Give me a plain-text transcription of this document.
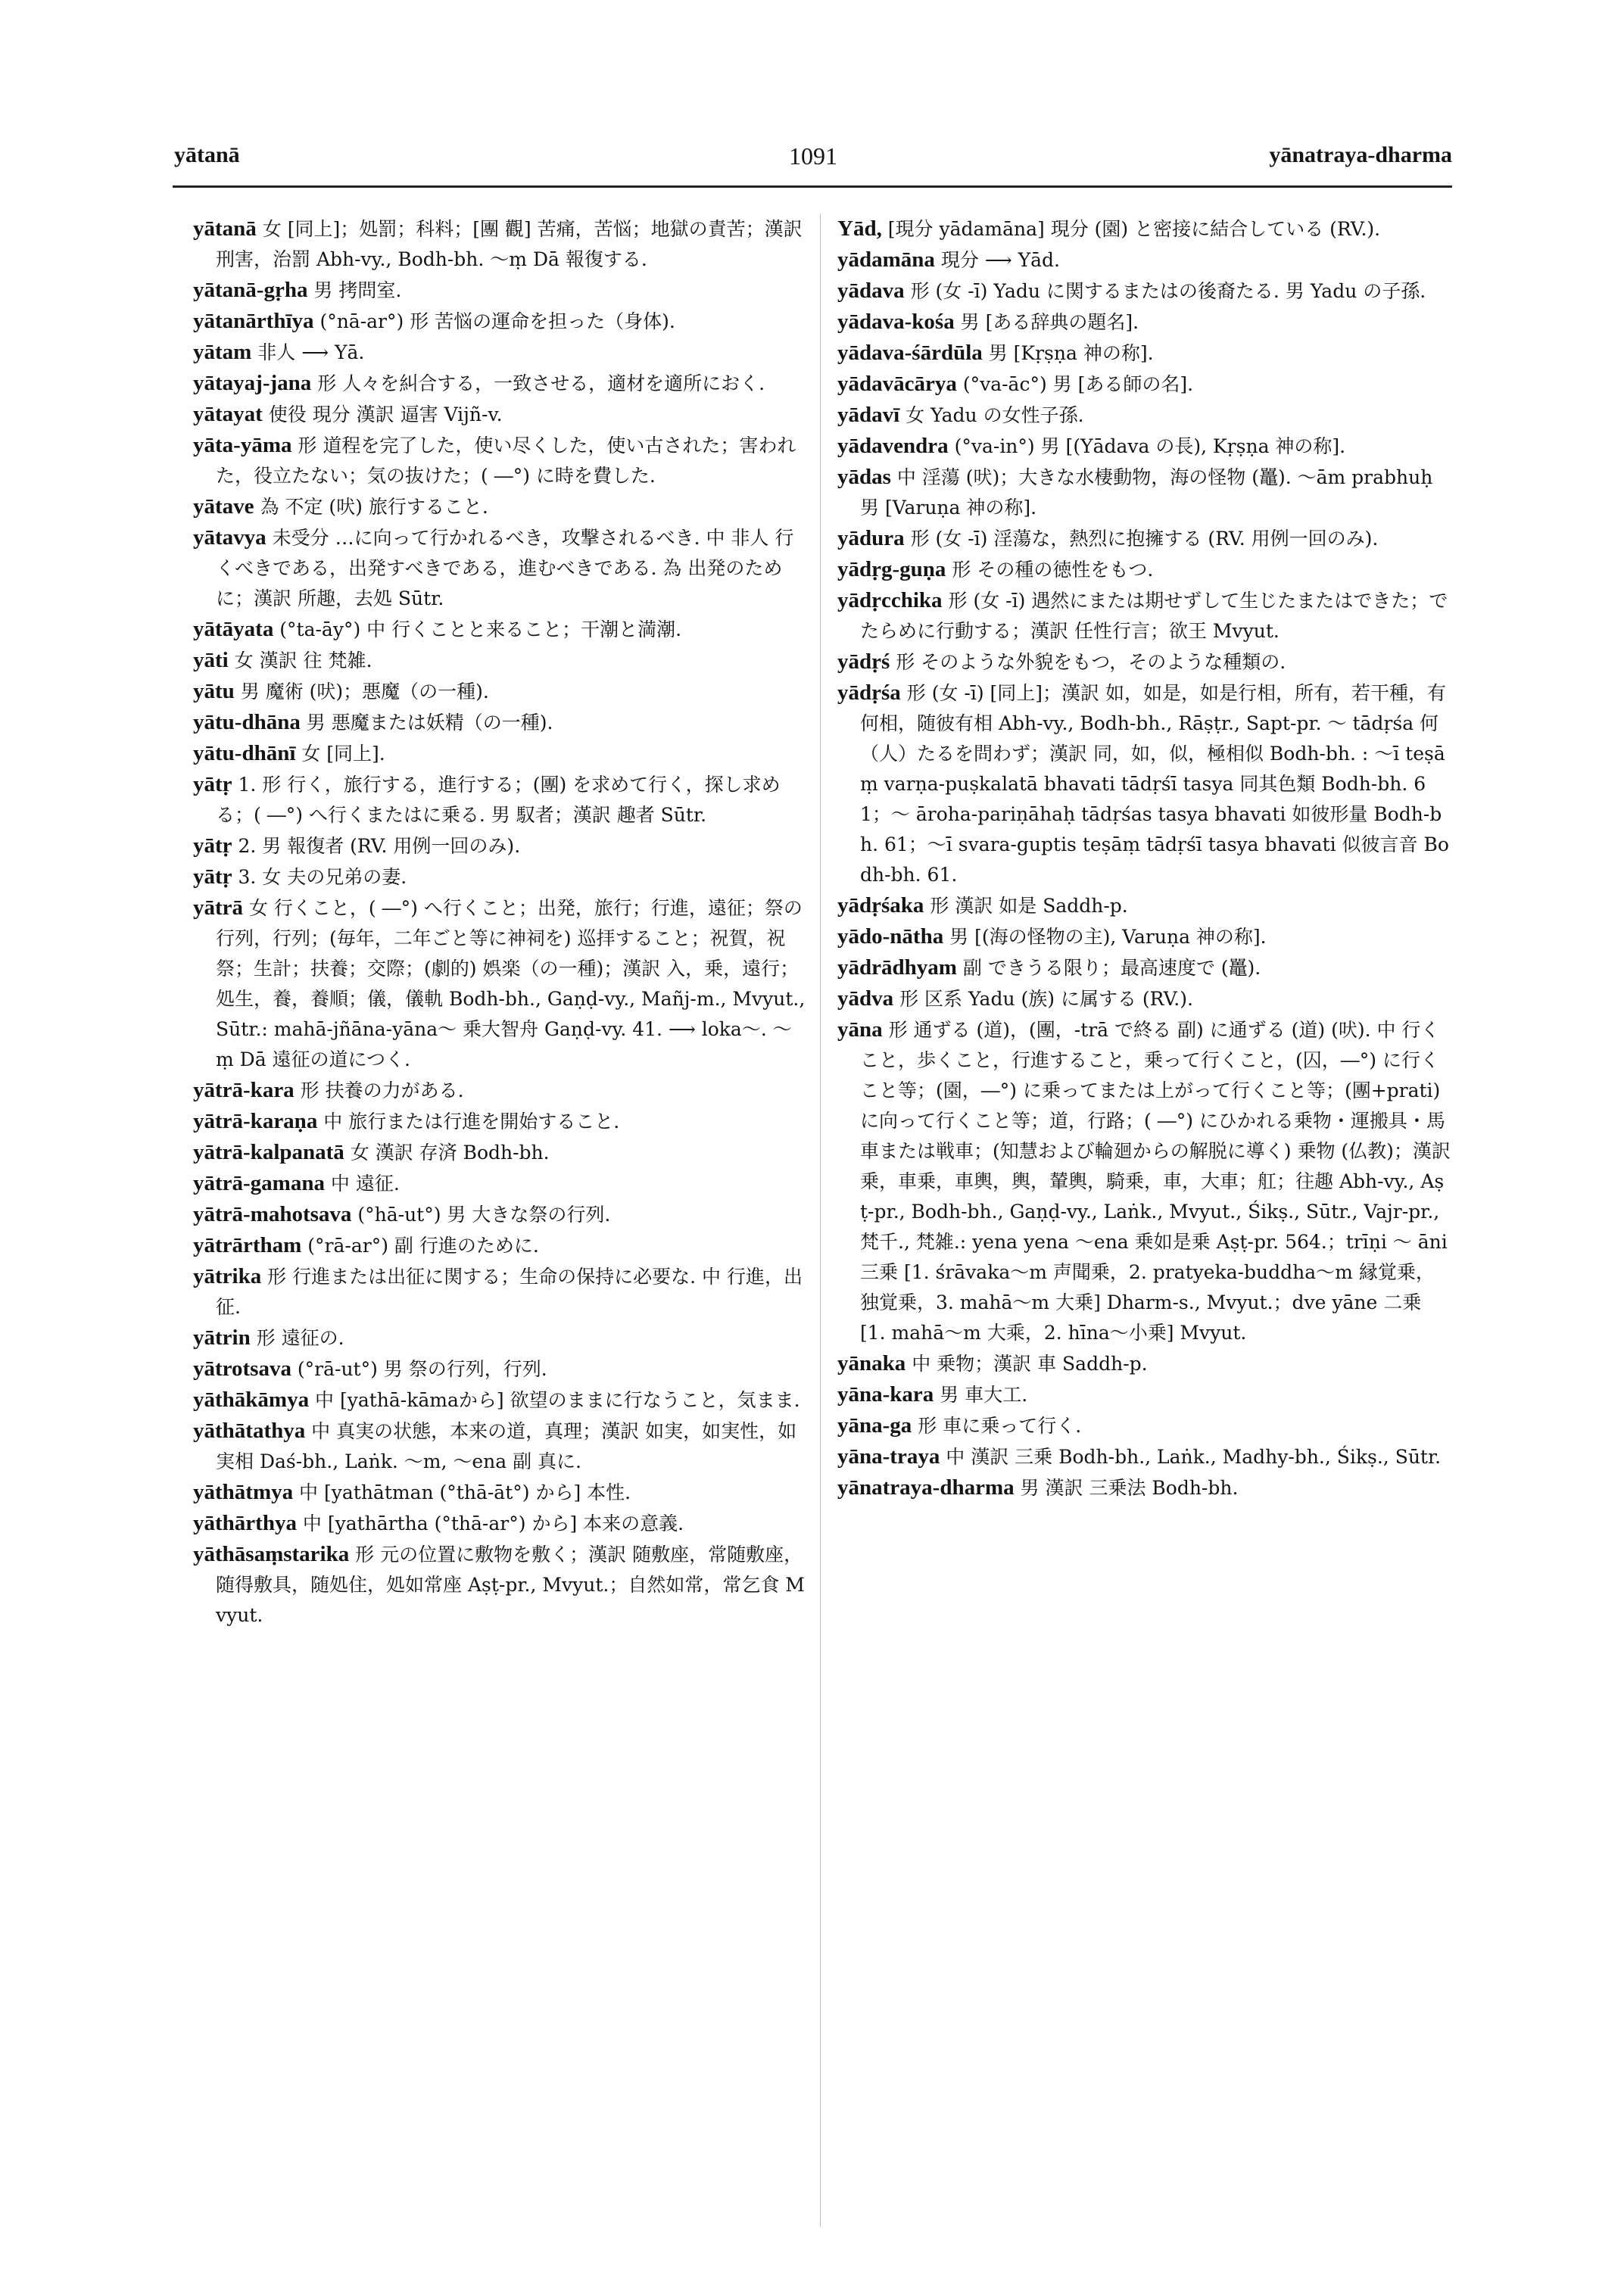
yātanā	1091	yānatraya-dharma

yātanā 女 [同上]；処罰；科料；[團 觀] 苦痛，苦悩；地獄の責苦；漢訳 刑害，治罰 Abh-vy., Bodh-bh. ～ṃ Dā 報復する.

yātanā-gṛha 男 拷問室.

yātanārthīya (°nā-ar°) 形 苦悩の運命を担った（身体).

yātam 非人 ⟶ Yā.

yātayaj-jana 形 人々を糾合する，一致させる，適材を適所におく.

yātayat 使役 現分 漢訳 逼害 Vijñ-v.

yāta-yāma 形 道程を完了した，使い尽くした，使い古された；害われた，役立たない；気の抜けた；( ―°) に時を費した.

yātave 為 不定 (吠) 旅行すること.

yātavya 未受分 …に向って行かれるべき，攻撃されるべき. 中 非人 行くべきである，出発すべきである，進むべきである. 為 出発のために；漢訳 所趣，去処 Sūtr.

yātāyata (°ta-āy°) 中 行くことと来ること；干潮と満潮.

yāti 女 漢訳 往 梵雑.

yātu 男 魔術 (吠)；悪魔（の一種).

yātu-dhāna 男 悪魔または妖精（の一種).

yātu-dhānī 女 [同上].

yātṛ 1. 形 行く，旅行する，進行する；(團) を求めて行く，探し求める；( ―°) へ行くまたはに乗る. 男 馭者；漢訳 趣者 Sūtr.

yātṛ 2. 男 報復者 (RV. 用例一回のみ).

yātṛ 3. 女 夫の兄弟の妻.

yātrā 女 行くこと，( ―°) へ行くこと；出発，旅行；行進，遠征；祭の行列，行列；(毎年，二年ごと等に神祠を) 巡拝すること；祝賀，祝祭；生計；扶養；交際；(劇的) 娯楽（の一種)；漢訳 入，乗，遠行；処生，養，養順；儀，儀軌 Bodh-bh., Gaṇḍ-vy., Mañj-m., Mvyut., Sūtr.: mahā-jñāna-yāna～ 乗大智舟 Gaṇḍ-vy. 41. ⟶ loka～. ～ṃ Dā 遠征の道につく.

yātrā-kara 形 扶養の力がある.

yātrā-karaṇa 中 旅行または行進を開始すること.

yātrā-kalpanatā 女 漢訳 存済 Bodh-bh.

yātrā-gamana 中 遠征.

yātrā-mahotsava (°hā-ut°) 男 大きな祭の行列.

yātrārtham (°rā-ar°) 副 行進のために.

yātrika 形 行進または出征に関する；生命の保持に必要な. 中 行進，出征.

yātrin 形 遠征の.

yātrotsava (°rā-ut°) 男 祭の行列，行列.

yāthākāmya 中 [yathā-kāmaから] 欲望のままに行なうこと，気まま.

yāthātathya 中 真実の状態，本来の道，真理；漢訳 如実，如実性，如実相 Daś-bh., Laṅk. ～m, ～ena 副 真に.

yāthātmya 中 [yathātman (°thā-āt°) から] 本性.

yāthārthya 中 [yathārtha (°thā-ar°) から] 本来の意義.

yāthāsaṃstarika 形 元の位置に敷物を敷く；漢訳 随敷座，常随敷座，随得敷具，随処住，処如常座 Aṣṭ-pr., Mvyut.；自然如常，常乞食 Mvyut.

Yād, [現分 yādamāna] 現分 (園) と密接に結合している (RV.).

yādamāna 現分 ⟶ Yād.

yādava 形 (女 -ī) Yadu に関するまたはの後裔たる. 男 Yadu の子孫.

yādava-kośa 男 [ある辞典の題名].

yādava-śārdūla 男 [Kṛṣṇa 神の称].

yādavācārya (°va-āc°) 男 [ある師の名].

yādavī 女 Yadu の女性子孫.

yādavendra (°va-in°) 男 [(Yādava の長), Kṛṣṇa 神の称].

yādas 中 淫蕩 (吠)；大きな水棲動物，海の怪物 (鼉). ～ām prabhuḥ 男 [Varuṇa 神の称].

yādura 形 (女 -ī) 淫蕩な，熱烈に抱擁する (RV. 用例一回のみ).

yādṛg-guṇa 形 その種の徳性をもつ.

yādṛcchika 形 (女 -ī) 遇然にまたは期せずして生じたまたはできた；でたらめに行動する；漢訳 任性行言；欲王 Mvyut.

yādṛś 形 そのような外貌をもつ，そのような種類の.

yādṛśa 形 (女 -ī) [同上]；漢訳 如，如是，如是行相，所有，若干種，有何相，随彼有相 Abh-vy., Bodh-bh., Rāṣṭr., Sapt-pr. ～ tādṛśa 何（人）たるを問わず；漢訳 同，如，似，極相似 Bodh-bh. : ～ī teṣāṃ varṇa-puṣkalatā bhavati tādṛśī tasya 同其色類 Bodh-bh. 61；～ āroha-pariṇāhaḥ tādṛśas tasya bhavati 如彼形量 Bodh-bh. 61；～ī svara-guptis teṣāṃ tādṛśī tasya bhavati 似彼言音 Bodh-bh. 61.

yādṛśaka 形 漢訳 如是 Saddh-p.

yādo-nātha 男 [(海の怪物の主), Varuṇa 神の称].

yādrādhyam 副 できうる限り；最高速度で (鼉).

yādva 形 区系 Yadu (族) に属する (RV.).

yāna 形 通ずる (道)，(團，-trā で終る 副) に通ずる (道) (吠). 中 行くこと，歩くこと，行進すること，乗って行くこと，(囚，―°) に行くこと等；(園，―°) に乗ってまたは上がって行くこと等；(團+prati) に向って行くこと等；道，行路；( ―°) にひかれる乗物・運搬具・馬車または戦車；(知慧および輪廻からの解脱に導く) 乗物 (仏教)；漢訳 乗，車乗，車輿，輿，輦輿，騎乗，車，大車；舡；往趣 Abh-vy., Aṣṭ-pr., Bodh-bh., Gaṇḍ-vy., Laṅk., Mvyut., Śikṣ., Sūtr., Vajr-pr., 梵千., 梵雑.: yena yena ～ena 乗如是乗 Aṣṭ-pr. 564.；trīṇi ～ āni 三乗 [1. śrāvaka～m 声聞乗，2. pratyeka-buddha～m 縁覚乗，独覚乗，3. mahā～m 大乗] Dharm-s., Mvyut.；dve yāne 二乗 [1. mahā～m 大乘，2. hīna～小乗] Mvyut.

yānaka 中 乗物；漢訳 車 Saddh-p.

yāna-kara 男 車大工.

yāna-ga 形 車に乗って行く.

yāna-traya 中 漢訳 三乗 Bodh-bh., Laṅk., Madhy-bh., Śikṣ., Sūtr.

yānatraya-dharma 男 漢訳 三乗法 Bodh-bh.
